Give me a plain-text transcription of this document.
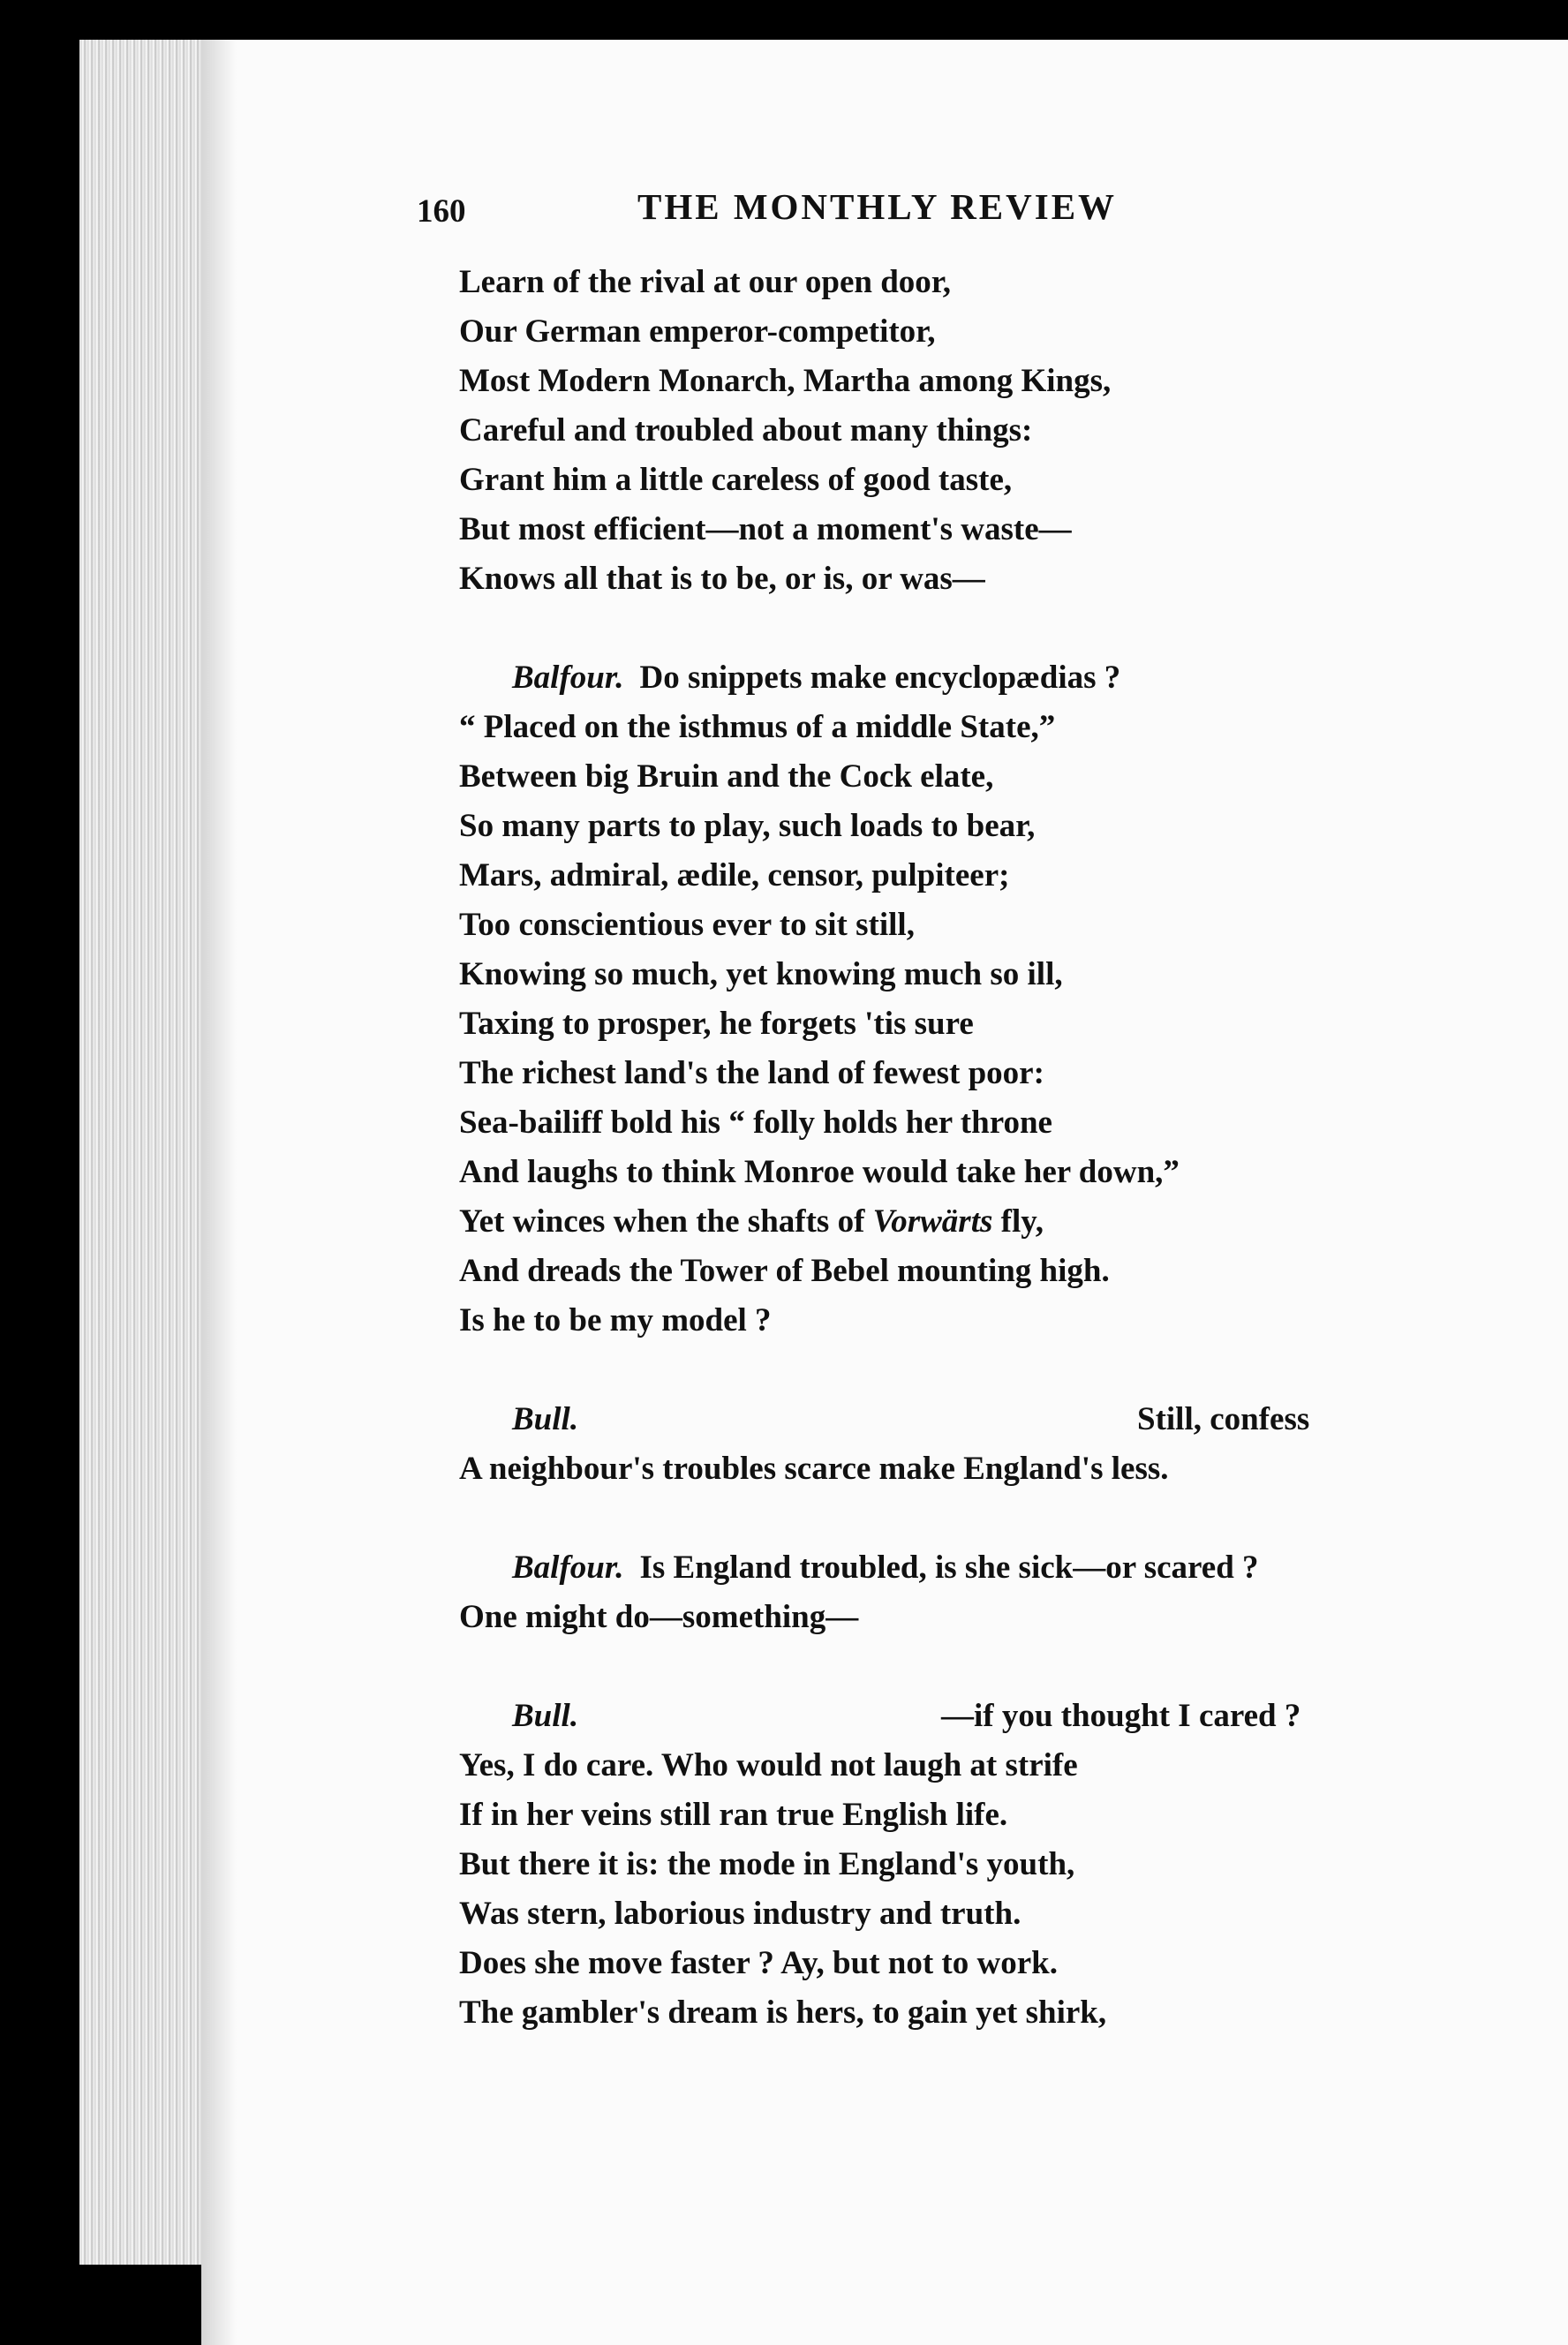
160	THE MONTHLY REVIEW
Learn of the rival at our open door,
Our German emperor-competitor,
Most Modern Monarch, Martha among Kings,
Careful and troubled about many things:
Grant him a little careless of good taste,
But most efficient—not a moment's waste—
Knows all that is to be, or is, or was—
Balfour. Do snippets make encyclopædias ?
“ Placed on the isthmus of a middle State,”
Between big Bruin and the Cock elate,
So many parts to play, such loads to bear,
Mars, admiral, ædile, censor, pulpiteer;
Too conscientious ever to sit still,
Knowing so much, yet knowing much so ill,
Taxing to prosper, he forgets 'tis sure
The richest land's the land of fewest poor:
Sea-bailiff bold his “ folly holds her throne
And laughs to think Monroe would take her down,”
Yet winces when the shafts of Vorwärts fly,
And dreads the Tower of Bebel mounting high.
Is he to be my model ?
Bull.	Still, confess
A neighbour's troubles scarce make England's less.
Balfour. Is England troubled, is she sick—or scared ?
One might do—something—
Bull.	—if you thought I cared ?
Yes, I do care. Who would not laugh at strife
If in her veins still ran true English life.
But there it is: the mode in England's youth,
Was stern, laborious industry and truth.
Does she move faster ? Ay, but not to work.
The gambler's dream is hers, to gain yet shirk,
